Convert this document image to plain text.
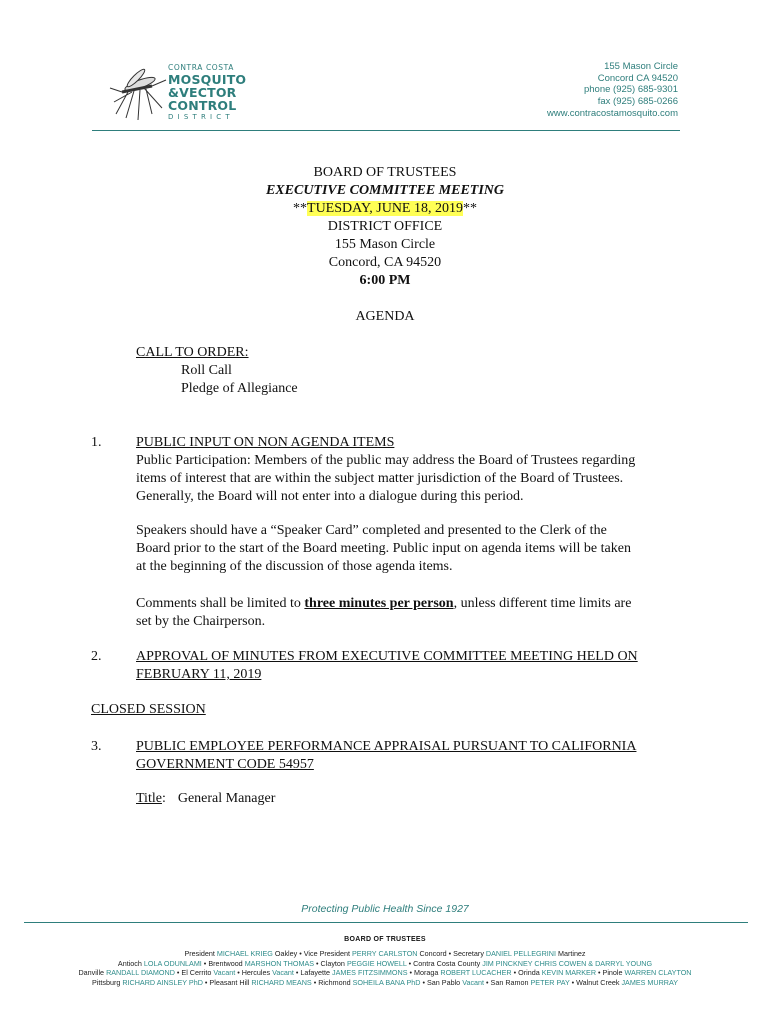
CONTRA COSTA
MOSQUITO
&VECTOR
CONTROL
DISTRICT
155 Mason Circle
Concord CA 94520
phone (925) 685-9301
fax (925) 685-0266
www.contracostamosquito.com
BOARD OF TRUSTEES
EXECUTIVE COMMITTEE MEETING
**TUESDAY, JUNE 18, 2019**
DISTRICT OFFICE
155 Mason Circle
Concord, CA 94520
6:00 PM
AGENDA
CALL TO ORDER:
Roll Call
Pledge of Allegiance
1. PUBLIC INPUT ON NON AGENDA ITEMS
Public Participation: Members of the public may address the Board of Trustees regarding
items of interest that are within the subject matter jurisdiction of the Board of Trustees.
Generally, the Board will not enter into a dialogue during this period.
Speakers should have a “Speaker Card” completed and presented to the Clerk of the
Board prior to the start of the Board meeting. Public input on agenda items will be taken
at the beginning of the discussion of those agenda items.
Comments shall be limited to three minutes per person, unless different time limits are
set by the Chairperson.
2. APPROVAL OF MINUTES FROM EXECUTIVE COMMITTEE MEETING HELD ON
FEBRUARY 11, 2019
CLOSED SESSION
3. PUBLIC EMPLOYEE PERFORMANCE APPRAISAL PURSUANT TO CALIFORNIA
GOVERNMENT CODE 54957
Title: General Manager
Protecting Public Health Since 1927
BOARD OF TRUSTEES
President MICHAEL KRIEG Oakley • Vice President PERRY CARLSTON Concord • Secretary DANIEL PELLEGRINI Martinez
Antioch LOLA ODUNLAMI • Brentwood MARSHON THOMAS • Clayton PEGGIE HOWELL • Contra Costa County JIM PINCKNEY CHRIS COWEN & DARRYL YOUNG
Danville RANDALL DIAMOND • El Cerrito Vacant • Hercules Vacant • Lafayette JAMES FITZSIMMONS • Moraga ROBERT LUCACHER • Orinda KEVIN MARKER • Pinole WARREN CLAYTON
Pittsburg RICHARD AINSLEY PhD • Pleasant Hill RICHARD MEANS • Richmond SOHEILA BANA PhD • San Pablo Vacant • San Ramon PETER PAY • Walnut Creek JAMES MURRAY
